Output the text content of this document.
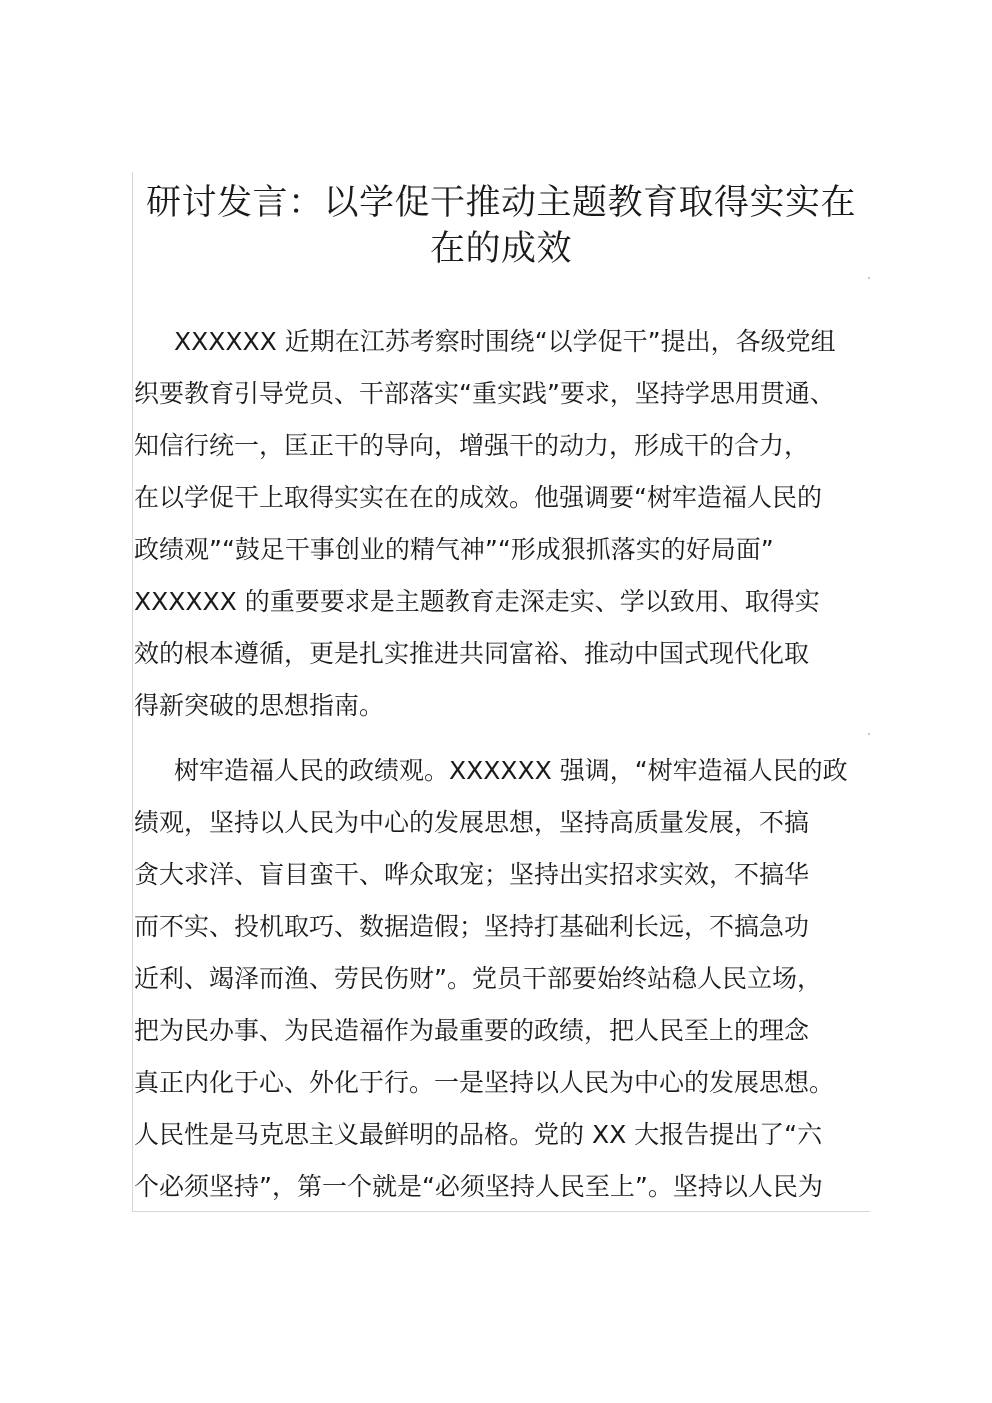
研讨发言：以学促干推动主题教育取得实实在
在的成效
XXXXXX 近期在江苏考察时围绕“以学促干”提出，各级党组
织要教育引导党员、干部落实“重实践”要求，坚持学思用贯通、
知信行统一，匡正干的导向，增强干的动力，形成干的合力，
在以学促干上取得实实在在的成效。他强调要“树牢造福人民的
政绩观”“鼓足干事创业的精气神”“形成狠抓落实的好局面”
XXXXXX 的重要要求是主题教育走深走实、学以致用、取得实
效的根本遵循，更是扎实推进共同富裕、推动中国式现代化取
得新突破的思想指南。
树牢造福人民的政绩观。XXXXXX 强调，“树牢造福人民的政
绩观，坚持以人民为中心的发展思想，坚持高质量发展，不搞
贪大求洋、盲目蛮干、哗众取宠；坚持出实招求实效，不搞华
而不实、投机取巧、数据造假；坚持打基础利长远，不搞急功
近利、竭泽而渔、劳民伤财”。党员干部要始终站稳人民立场，
把为民办事、为民造福作为最重要的政绩，把人民至上的理念
真正内化于心、外化于行。一是坚持以人民为中心的发展思想。
人民性是马克思主义最鲜明的品格。党的 XX 大报告提出了“六
个必须坚持”，第一个就是“必须坚持人民至上”。坚持以人民为
